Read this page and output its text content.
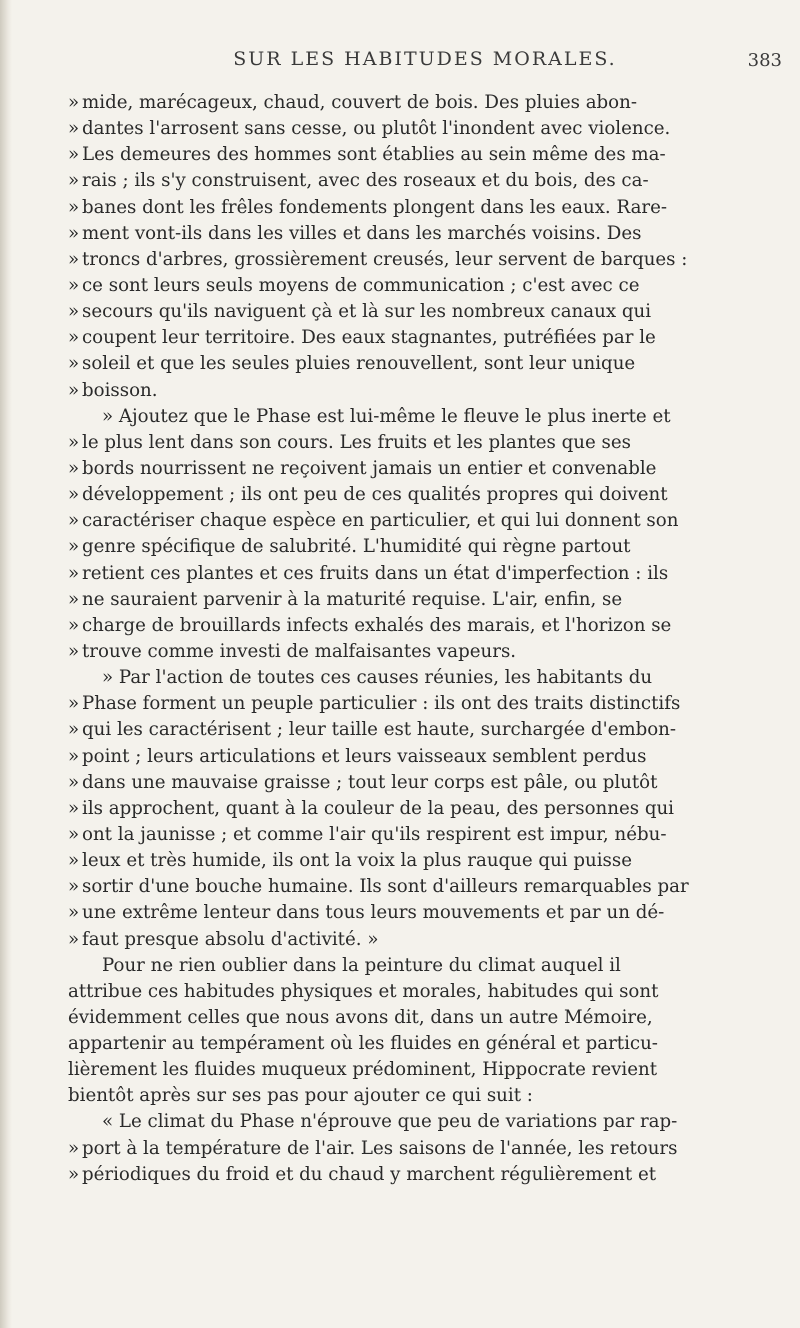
SUR LES HABITUDES MORALES.	383
» mide, marécageux, chaud, couvert de bois. Des pluies abon-
» dantes l'arrosent sans cesse, ou plutôt l'inondent avec violence.
» Les demeures des hommes sont établies au sein même des ma-
» rais ; ils s'y construisent, avec des roseaux et du bois, des ca-
» banes dont les frêles fondements plongent dans les eaux. Rare-
» ment vont-ils dans les villes et dans les marchés voisins. Des
» troncs d'arbres, grossièrement creusés, leur servent de barques :
» ce sont leurs seuls moyens de communication ; c'est avec ce
» secours qu'ils naviguent çà et là sur les nombreux canaux qui
» coupent leur territoire. Des eaux stagnantes, putréfiées par le
» soleil et que les seules pluies renouvellent, sont leur unique
» boisson.
» Ajoutez que le Phase est lui-même le fleuve le plus inerte et
» le plus lent dans son cours. Les fruits et les plantes que ses
» bords nourrissent ne reçoivent jamais un entier et convenable
» développement ; ils ont peu de ces qualités propres qui doivent
» caractériser chaque espèce en particulier, et qui lui donnent son
» genre spécifique de salubrité. L'humidité qui règne partout
» retient ces plantes et ces fruits dans un état d'imperfection : ils
» ne sauraient parvenir à la maturité requise. L'air, enfin, se
» charge de brouillards infects exhalés des marais, et l'horizon se
» trouve comme investi de malfaisantes vapeurs.
» Par l'action de toutes ces causes réunies, les habitants du
» Phase forment un peuple particulier : ils ont des traits distinctifs
» qui les caractérisent ; leur taille est haute, surchargée d'embon-
» point ; leurs articulations et leurs vaisseaux semblent perdus
» dans une mauvaise graisse ; tout leur corps est pâle, ou plutôt
» ils approchent, quant à la couleur de la peau, des personnes qui
» ont la jaunisse ; et comme l'air qu'ils respirent est impur, nébu-
» leux et très humide, ils ont la voix la plus rauque qui puisse
» sortir d'une bouche humaine. Ils sont d'ailleurs remarquables par
» une extrême lenteur dans tous leurs mouvements et par un dé-
» faut presque absolu d'activité. »
Pour ne rien oublier dans la peinture du climat auquel il
attribue ces habitudes physiques et morales, habitudes qui sont
évidemment celles que nous avons dit, dans un autre Mémoire,
appartenir au tempérament où les fluides en général et particu-
lièrement les fluides muqueux prédominent, Hippocrate revient
bientôt après sur ses pas pour ajouter ce qui suit :
« Le climat du Phase n'éprouve que peu de variations par rap-
» port à la température de l'air. Les saisons de l'année, les retours
» périodiques du froid et du chaud y marchent régulièrement et
